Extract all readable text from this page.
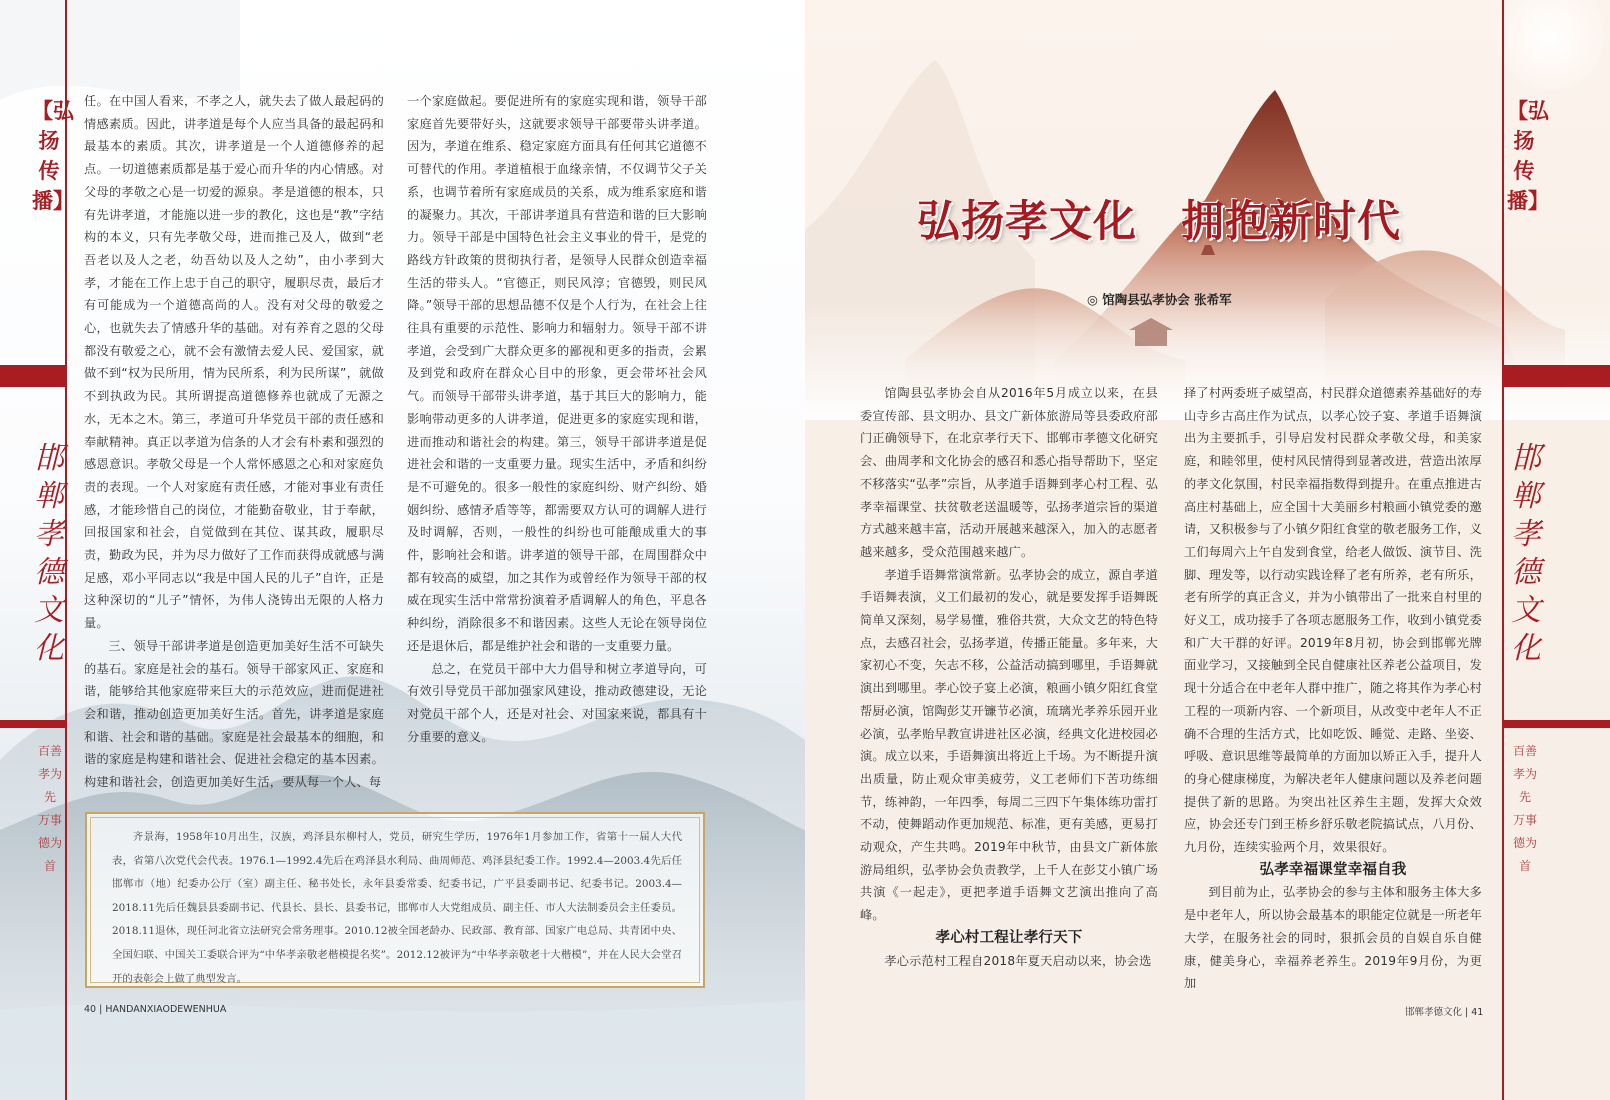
【弘扬传播】
邯郸孝德文化
百善孝为先 万事德为首

任。在中国人看来，不孝之人，就失去了做人最起码的情感素质。因此，讲孝道是每个人应当具备的最起码和最基本的素质。其次，讲孝道是一个人道德修养的起点。一切道德素质都是基于爱心而升华的内心情感。对父母的孝敬之心是一切爱的源泉。孝是道德的根本，只有先讲孝道，才能施以进一步的教化，这也是“教”字结构的本义，只有先孝敬父母，进而推己及人，做到“老吾老以及人之老，幼吾幼以及人之幼”，由小孝到大孝，才能在工作上忠于自己的职守，履职尽责，最后才有可能成为一个道德高尚的人。没有对父母的敬爱之心，也就失去了情感升华的基础。对有养育之恩的父母都没有敬爱之心，就不会有激情去爱人民、爱国家，就做不到“权为民所用，情为民所系，利为民所谋”，就做不到执政为民。其所谓提高道德修养也就成了无源之水，无本之木。第三，孝道可升华党员干部的责任感和奉献精神。真正以孝道为信条的人才会有朴素和强烈的感恩意识。孝敬父母是一个人常怀感恩之心和对家庭负责的表现。一个人对家庭有责任感，才能对事业有责任感，才能珍惜自己的岗位，才能勤奋敬业，甘于奉献，回报国家和社会，自觉做到在其位、谋其政，履职尽责，勤政为民，并为尽力做好了工作而获得成就感与满足感，邓小平同志以“我是中国人民的儿子”自许，正是这种深切的“儿子”情怀，为伟人浇铸出无限的人格力量。

三、领导干部讲孝道是创造更加美好生活不可缺失的基石。家庭是社会的基石。领导干部家风正、家庭和谐，能够给其他家庭带来巨大的示范效应，进而促进社会和谐，推动创造更加美好生活。首先，讲孝道是家庭和谐、社会和谐的基础。家庭是社会最基本的细胞，和谐的家庭是构建和谐社会、促进社会稳定的基本因素。构建和谐社会，创造更加美好生活，要从每一个人、每

一个家庭做起。要促进所有的家庭实现和谐，领导干部家庭首先要带好头，这就要求领导干部要带头讲孝道。因为，孝道在维系、稳定家庭方面具有任何其它道德不可替代的作用。孝道植根于血缘亲情，不仅调节父子关系，也调节着所有家庭成员的关系，成为维系家庭和谐的凝聚力。其次，干部讲孝道具有营造和谐的巨大影响力。领导干部是中国特色社会主义事业的骨干，是党的路线方针政策的贯彻执行者，是领导人民群众创造幸福生活的带头人。“官德正，则民风淳；官德毁，则民风降。”领导干部的思想品德不仅是个人行为，在社会上往往具有重要的示范性、影响力和辐射力。领导干部不讲孝道，会受到广大群众更多的鄙视和更多的指责，会累及到党和政府在群众心目中的形象，更会带坏社会风气。而领导干部带头讲孝道，基于其巨大的影响力，能影响带动更多的人讲孝道，促进更多的家庭实现和谐，进而推动和谐社会的构建。第三，领导干部讲孝道是促进社会和谐的一支重要力量。现实生活中，矛盾和纠纷是不可避免的。很多一般性的家庭纠纷、财产纠纷、婚姻纠纷、感情矛盾等等，都需要双方认可的调解人进行及时调解，否则，一般性的纠纷也可能酿成重大的事件，影响社会和谐。讲孝道的领导干部，在周围群众中都有较高的威望，加之其作为或曾经作为领导干部的权威在现实生活中常常扮演着矛盾调解人的角色，平息各种纠纷，消除很多不和谐因素。这些人无论在领导岗位还是退休后，都是维护社会和谐的一支重要力量。

总之，在党员干部中大力倡导和树立孝道导向，可有效引导党员干部加强家风建设，推动政德建设，无论对党员干部个人，还是对社会、对国家来说，都具有十分重要的意义。

齐景海，1958年10月出生，汉族，鸡泽县东柳村人，党员，研究生学历，1976年1月参加工作，省第十一届人大代表，省第八次党代会代表。1976.1—1992.4先后在鸡泽县水利局、曲周师范、鸡泽县纪委工作。1992.4—2003.4先后任邯郸市（地）纪委办公厅（室）副主任、秘书处长，永年县委常委、纪委书记，广平县委副书记、纪委书记。2003.4—2018.11先后任魏县县委副书记、代县长、县长、县委书记，邯郸市人大党组成员、副主任、市人大法制委员会主任委员。2018.11退休，现任河北省立法研究会常务理事。2010.12被全国老龄办、民政部、教育部、国家广电总局、共青团中央、全国妇联、中国关工委联合评为“中华孝亲敬老楷模提名奖”。2012.12被评为“中华孝亲敬老十大楷模”，并在人民大会堂召开的表彰会上做了典型发言。
40 | HANDANXIAODEWENHUA
【弘扬传播】
邯郸孝德文化
百善孝为先 万事德为首
弘扬孝文化　拥抱新时代
◎ 馆陶县弘孝协会 张希军

馆陶县弘孝协会自从2016年5月成立以来，在县委宣传部、县文明办、县文广新体旅游局等县委政府部门正确领导下，在北京孝行天下、邯郸市孝德文化研究会、曲周孝和文化协会的感召和悉心指导帮助下，坚定不移落实“弘孝”宗旨，从孝道手语舞到孝心村工程、弘孝幸福课堂、扶贫敬老送温暖等，弘扬孝道宗旨的渠道方式越来越丰富，活动开展越来越深入，加入的志愿者越来越多，受众范围越来越广。

孝道手语舞常演常新。弘孝协会的成立，源自孝道手语舞表演，义工们最初的发心，就是要发挥手语舞既简单又深刻，易学易懂，雅俗共赏，大众文艺的特色特点，去感召社会，弘扬孝道，传播正能量。多年来，大家初心不变，矢志不移，公益活动搞到哪里，手语舞就演出到哪里。孝心饺子宴上必演，粮画小镇夕阳红食堂帮厨必演，馆陶彭艾开镰节必演，琉璃光孝养乐园开业必演，弘孝贻早教宣讲进社区必演，经典文化进校园必演。成立以来，手语舞演出将近上千场。为不断提升演出质量，防止观众审美疲劳，义工老师们下苦功练细节，练神韵，一年四季，每周二三四下午集体练功雷打不动，使舞蹈动作更加规范、标准，更有美感，更易打动观众，产生共鸣。2019年中秋节，由县文广新体旅游局组织，弘孝协会负责教学，上千人在彭艾小镇广场共演《一起走》，更把孝道手语舞文艺演出推向了高峰。

孝心村工程让孝行天下

孝心示范村工程自2018年夏天启动以来，协会选

择了村两委班子威望高，村民群众道德素养基础好的寿山寺乡古高庄作为试点，以孝心饺子宴、孝道手语舞演出为主要抓手，引导启发村民群众孝敬父母，和美家庭，和睦邻里，使村风民情得到显著改进，营造出浓厚的孝文化氛围，村民幸福指数得到提升。在重点推进古高庄村基础上，应全国十大美丽乡村粮画小镇党委的邀请，又积极参与了小镇夕阳红食堂的敬老服务工作，义工们每周六上午自发到食堂，给老人做饭、演节目、洗脚、理发等，以行动实践诠释了老有所养，老有所乐，老有所学的真正含义，并为小镇带出了一批来自村里的好义工，成功接手了各项志愿服务工作，收到小镇党委和广大干群的好评。2019年8月初，协会到邯郸光牌面业学习，又接触到全民自健康社区养老公益项目，发现十分适合在中老年人群中推广，随之将其作为孝心村工程的一项新内容、一个新项目，从改变中老年人不正确不合理的生活方式，比如吃饭、睡觉、走路、坐姿、呼吸、意识思维等最简单的方面加以矫正入手，提升人的身心健康梯度，为解决老年人健康问题以及养老问题提供了新的思路。为突出社区养生主题，发挥大众效应，协会还专门到王桥乡舒乐敬老院搞试点，八月份、九月份，连续实验两个月，效果很好。

弘孝幸福课堂幸福自我

到目前为止，弘孝协会的参与主体和服务主体大多是中老年人，所以协会最基本的职能定位就是一所老年大学，在服务社会的同时，狠抓会员的自娱自乐自健康，健美身心，幸福养老养生。2019年9月份，为更加

邯郸孝德文化 | 41
